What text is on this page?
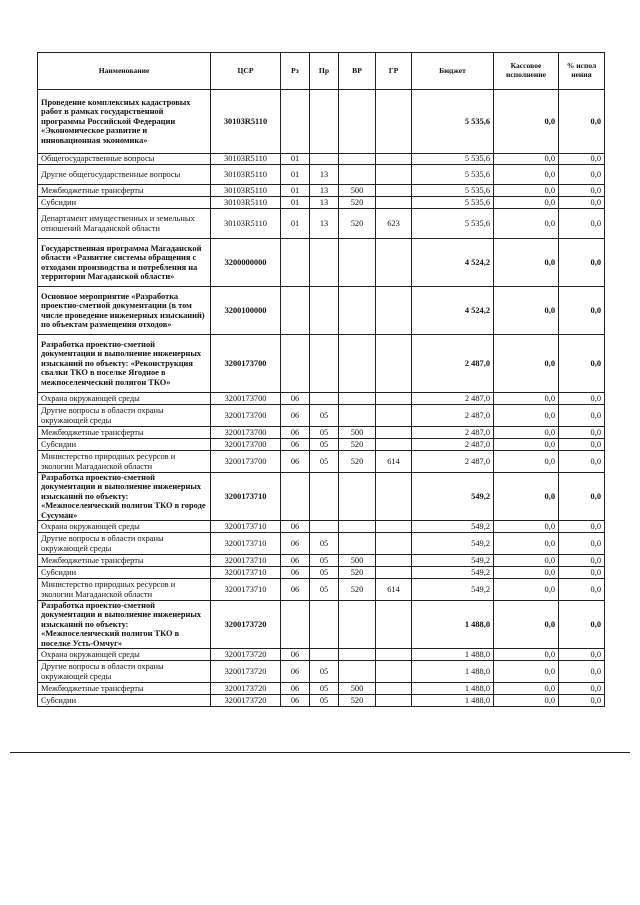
Наименование	ЦСР	Рз	Пр	ВР	ГР	Бюджет	Кассовое исполнение	% испол нения
Проведение комплексных кадастровых работ в рамках государственной программы Российской Федерации «Экономическое развитие и инновационная экономика»	30103R5110					5 535,6	0,0	0,0
Общегосударственные вопросы	30103R5110	01				5 535,6	0,0	0,0
Другие общегосударственные вопросы	30103R5110	01	13			5 535,6	0,0	0,0
Межбюджетные трансферты	30103R5110	01	13	500		5 535,6	0,0	0,0
Субсидии	30103R5110	01	13	520		5 535,6	0,0	0,0
Департамент имущественных и земельных отношений Магаданской области	30103R5110	01	13	520	623	5 535,6	0,0	0,0
Государственная программа Магаданской области «Развитие системы обращения с отходами производства и потребления на территории Магаданской области»	3200000000					4 524,2	0,0	0,0
Основное мероприятие «Разработка проектно-сметной документации (в том числе проведение инженерных изысканий) по объектам размещения отходов»	3200100000					4 524,2	0,0	0,0
Разработка проектно-сметной документации и выполнение инженерных изысканий по объекту: «Реконструкция свалки ТКО в поселке Ягодное в межпоселенческий полигон ТКО»	3200173700					2 487,0	0,0	0,0
Охрана окружающей среды	3200173700	06				2 487,0	0,0	0,0
Другие вопросы в области охраны окружающей среды	3200173700	06	05			2 487,0	0,0	0,0
Межбюджетные трансферты	3200173700	06	05	500		2 487,0	0,0	0,0
Субсидии	3200173700	06	05	520		2 487,0	0,0	0,0
Министерство природных ресурсов и экологии Магаданской области	3200173700	06	05	520	614	2 487,0	0,0	0,0
Разработка проектно-сметной документации и выполнение инженерных изысканий по объекту: «Межпоселенческий полигон ТКО в городе Сусуман»	3200173710					549,2	0,0	0,0
Охрана окружающей среды	3200173710	06				549,2	0,0	0,0
Другие вопросы в области охраны окружающей среды	3200173710	06	05			549,2	0,0	0,0
Межбюджетные трансферты	3200173710	06	05	500		549,2	0,0	0,0
Субсидии	3200173710	06	05	520		549,2	0,0	0,0
Министерство природных ресурсов и экологии Магаданской области	3200173710	06	05	520	614	549,2	0,0	0,0
Разработка проектно-сметной документации и выполнение инженерных изысканий по объекту: «Межпоселенческий полигон ТКО в поселке Усть-Омчуг»	3200173720					1 488,0	0,0	0,0
Охрана окружающей среды	3200173720	06				1 488,0	0,0	0,0
Другие вопросы в области охраны окружающей среды	3200173720	06	05			1 488,0	0,0	0,0
Межбюджетные трансферты	3200173720	06	05	500		1 488,0	0,0	0,0
Субсидии	3200173720	06	05	520		1 488,0	0,0	0,0
